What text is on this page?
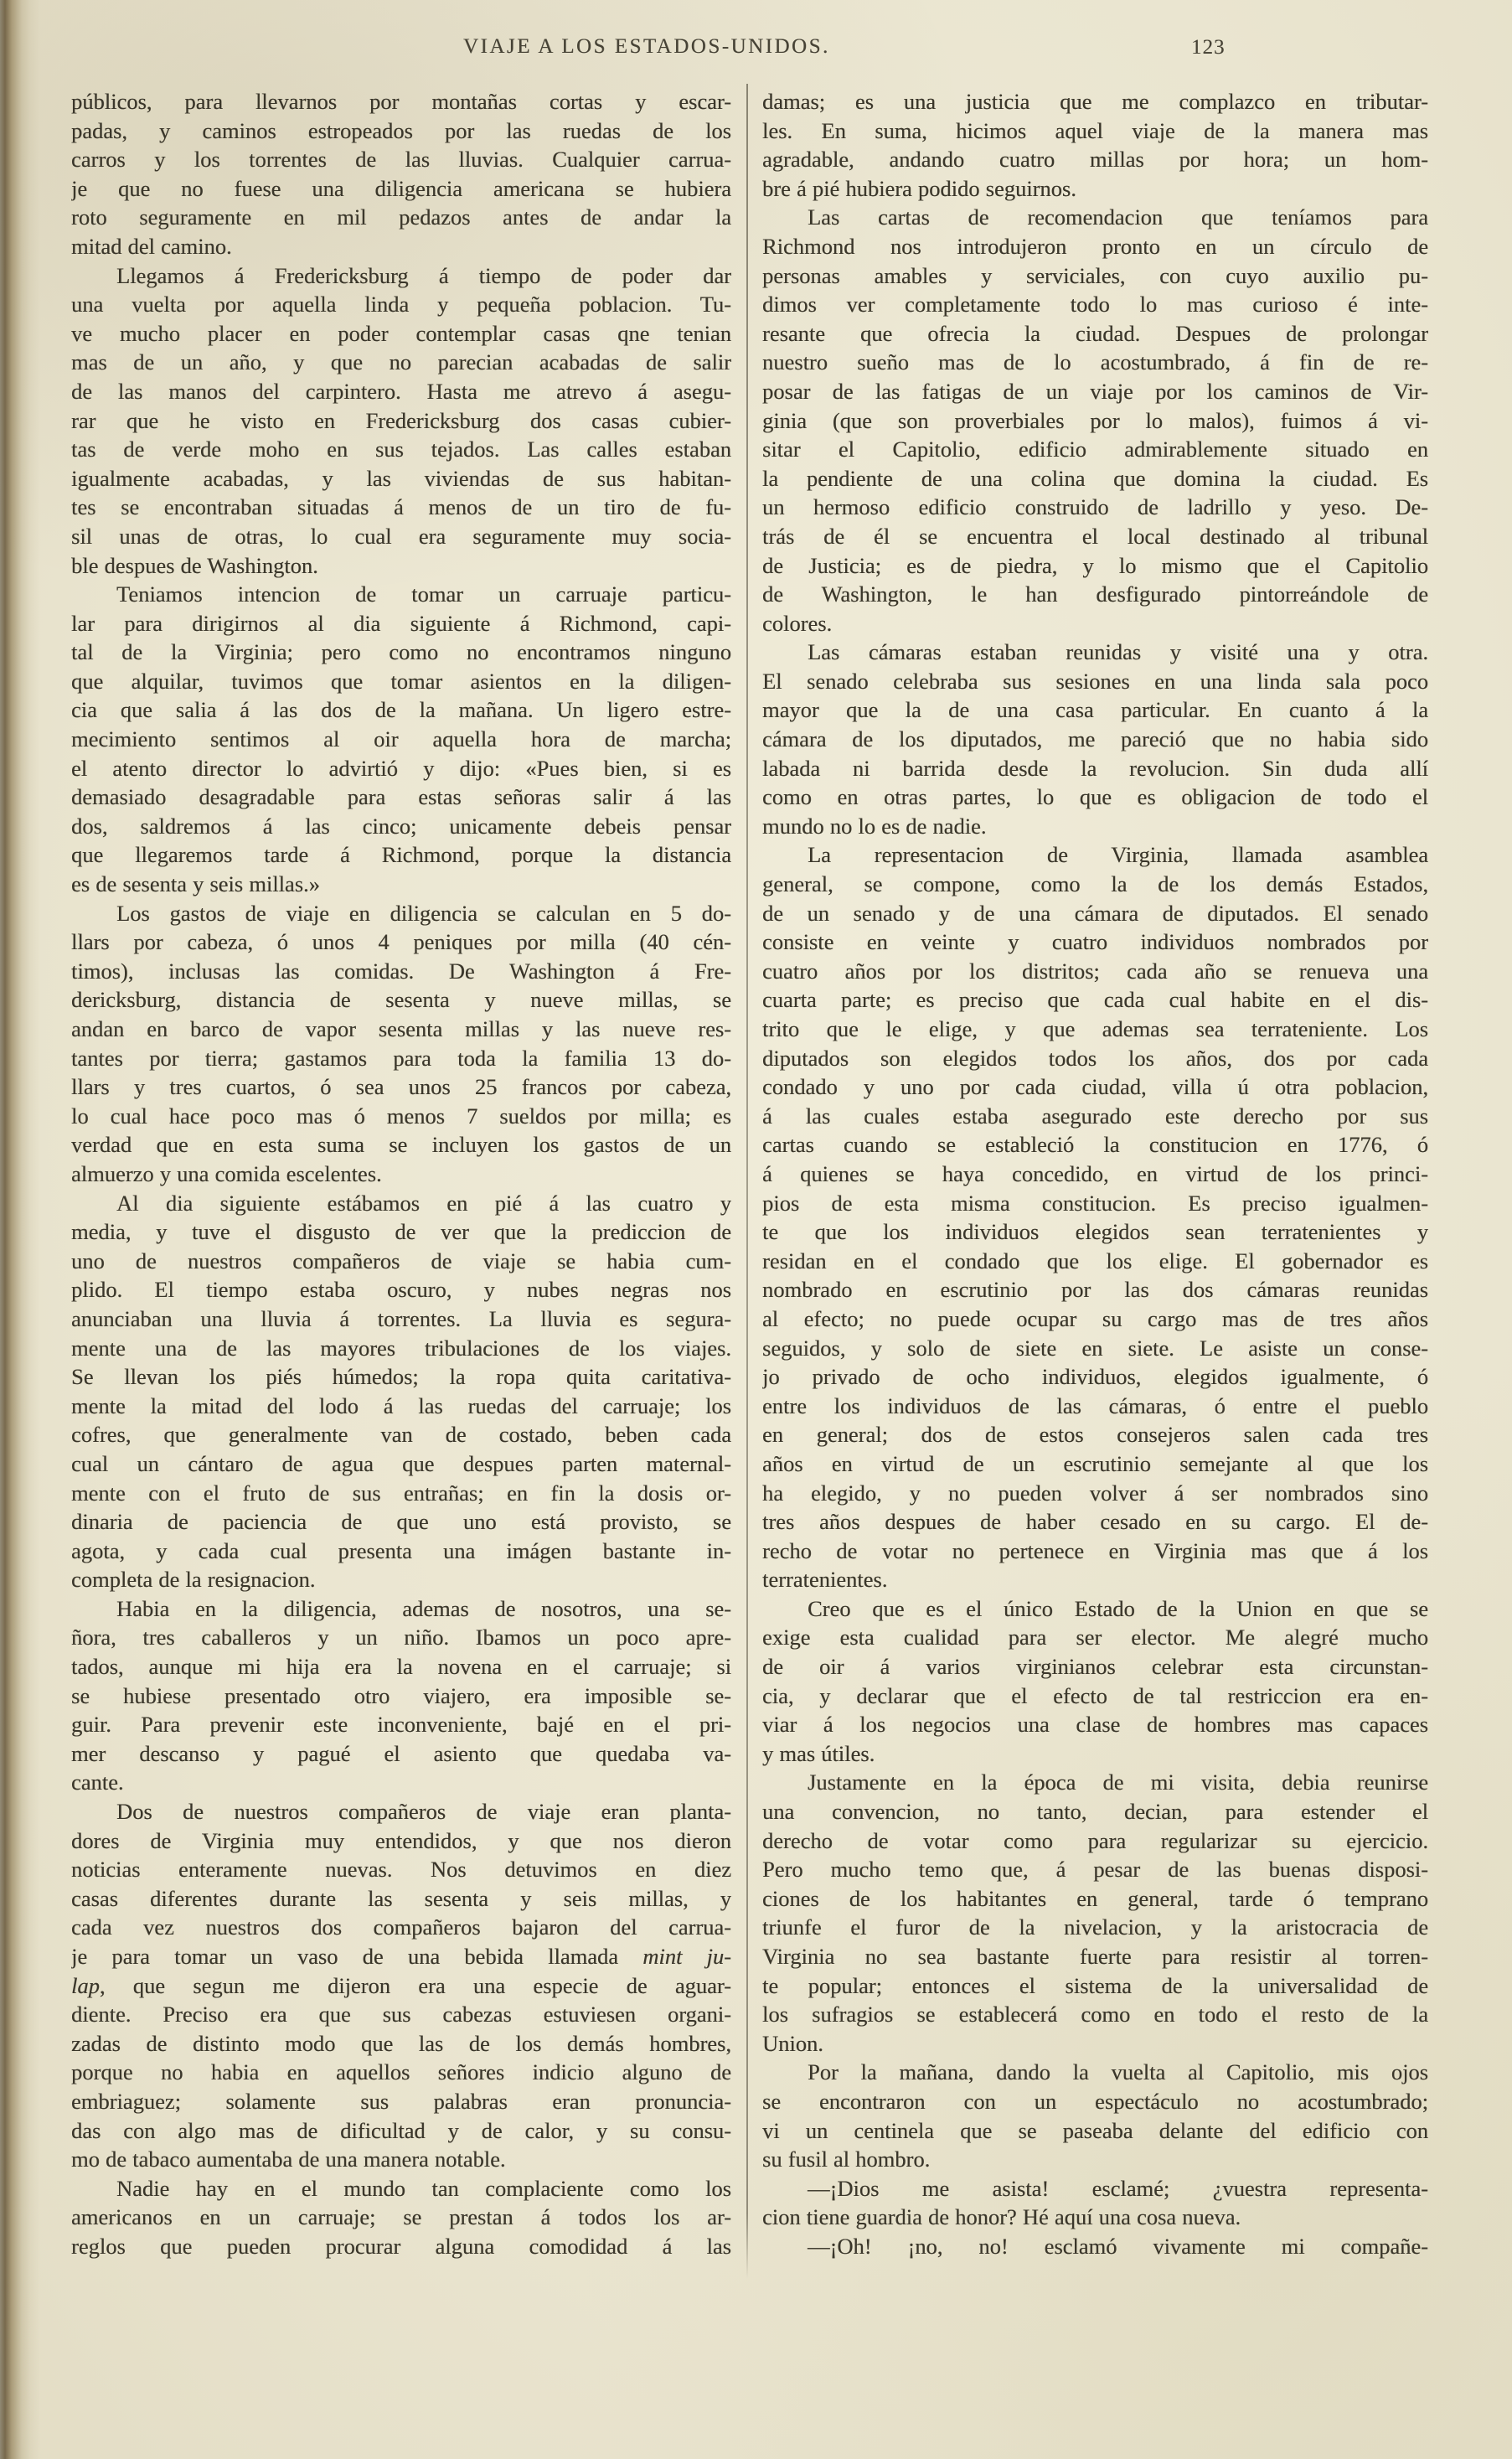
VIAJE A LOS ESTADOS-UNIDOS.	123
públicos, para llevarnos por montañas cortas y escar-
padas, y caminos estropeados por las ruedas de los
carros y los torrentes de las lluvias. Cualquier carrua-
je que no fuese una diligencia americana se hubiera
roto seguramente en mil pedazos antes de andar la
mitad del camino.
Llegamos á Fredericksburg á tiempo de poder dar
una vuelta por aquella linda y pequeña poblacion. Tu-
ve mucho placer en poder contemplar casas qne tenian
mas de un año, y que no parecian acabadas de salir
de las manos del carpintero. Hasta me atrevo á asegu-
rar que he visto en Fredericksburg dos casas cubier-
tas de verde moho en sus tejados. Las calles estaban
igualmente acabadas, y las viviendas de sus habitan-
tes se encontraban situadas á menos de un tiro de fu-
sil unas de otras, lo cual era seguramente muy socia-
ble despues de Washington.
Teniamos intencion de tomar un carruaje particu-
lar para dirigirnos al dia siguiente á Richmond, capi-
tal de la Virginia; pero como no encontramos ninguno
que alquilar, tuvimos que tomar asientos en la diligen-
cia que salia á las dos de la mañana. Un ligero estre-
mecimiento sentimos al oir aquella hora de marcha;
el atento director lo advirtió y dijo: «Pues bien, si es
demasiado desagradable para estas señoras salir á las
dos, saldremos á las cinco; unicamente debeis pensar
que llegaremos tarde á Richmond, porque la distancia
es de sesenta y seis millas.»
Los gastos de viaje en diligencia se calculan en 5 do-
llars por cabeza, ó unos 4 peniques por milla (40 cén-
timos), inclusas las comidas. De Washington á Fre-
dericksburg, distancia de sesenta y nueve millas, se
andan en barco de vapor sesenta millas y las nueve res-
tantes por tierra; gastamos para toda la familia 13 do-
llars y tres cuartos, ó sea unos 25 francos por cabeza,
lo cual hace poco mas ó menos 7 sueldos por milla; es
verdad que en esta suma se incluyen los gastos de un
almuerzo y una comida escelentes.
Al dia siguiente estábamos en pié á las cuatro y
media, y tuve el disgusto de ver que la prediccion de
uno de nuestros compañeros de viaje se habia cum-
plido. El tiempo estaba oscuro, y nubes negras nos
anunciaban una lluvia á torrentes. La lluvia es segura-
mente una de las mayores tribulaciones de los viajes.
Se llevan los piés húmedos; la ropa quita caritativa-
mente la mitad del lodo á las ruedas del carruaje; los
cofres, que generalmente van de costado, beben cada
cual un cántaro de agua que despues parten maternal-
mente con el fruto de sus entrañas; en fin la dosis or-
dinaria de paciencia de que uno está provisto, se
agota, y cada cual presenta una imágen bastante in-
completa de la resignacion.
Habia en la diligencia, ademas de nosotros, una se-
ñora, tres caballeros y un niño. Ibamos un poco apre-
tados, aunque mi hija era la novena en el carruaje; si
se hubiese presentado otro viajero, era imposible se-
guir. Para prevenir este inconveniente, bajé en el pri-
mer descanso y pagué el asiento que quedaba va-
cante.
Dos de nuestros compañeros de viaje eran planta-
dores de Virginia muy entendidos, y que nos dieron
noticias enteramente nuevas. Nos detuvimos en diez
casas diferentes durante las sesenta y seis millas, y
cada vez nuestros dos compañeros bajaron del carrua-
je para tomar un vaso de una bebida llamada mint ju-
lap, que segun me dijeron era una especie de aguar-
diente. Preciso era que sus cabezas estuviesen organi-
zadas de distinto modo que las de los demás hombres,
porque no habia en aquellos señores indicio alguno de
embriaguez; solamente sus palabras eran pronuncia-
das con algo mas de dificultad y de calor, y su consu-
mo de tabaco aumentaba de una manera notable.
Nadie hay en el mundo tan complaciente como los
americanos en un carruaje; se prestan á todos los ar-
reglos que pueden procurar alguna comodidad á las
damas; es una justicia que me complazco en tributar-
les. En suma, hicimos aquel viaje de la manera mas
agradable, andando cuatro millas por hora; un hom-
bre á pié hubiera podido seguirnos.
Las cartas de recomendacion que teníamos para
Richmond nos introdujeron pronto en un círculo de
personas amables y serviciales, con cuyo auxilio pu-
dimos ver completamente todo lo mas curioso é inte-
resante que ofrecia la ciudad. Despues de prolongar
nuestro sueño mas de lo acostumbrado, á fin de re-
posar de las fatigas de un viaje por los caminos de Vir-
ginia (que son proverbiales por lo malos), fuimos á vi-
sitar el Capitolio, edificio admirablemente situado en
la pendiente de una colina que domina la ciudad. Es
un hermoso edificio construido de ladrillo y yeso. De-
trás de él se encuentra el local destinado al tribunal
de Justicia; es de piedra, y lo mismo que el Capitolio
de Washington, le han desfigurado pintorreándole de
colores.
Las cámaras estaban reunidas y visité una y otra.
El senado celebraba sus sesiones en una linda sala poco
mayor que la de una casa particular. En cuanto á la
cámara de los diputados, me pareció que no habia sido
labada ni barrida desde la revolucion. Sin duda allí
como en otras partes, lo que es obligacion de todo el
mundo no lo es de nadie.
La representacion de Virginia, llamada asamblea
general, se compone, como la de los demás Estados,
de un senado y de una cámara de diputados. El senado
consiste en veinte y cuatro individuos nombrados por
cuatro años por los distritos; cada año se renueva una
cuarta parte; es preciso que cada cual habite en el dis-
trito que le elige, y que ademas sea terrateniente. Los
diputados son elegidos todos los años, dos por cada
condado y uno por cada ciudad, villa ú otra poblacion,
á las cuales estaba asegurado este derecho por sus
cartas cuando se estableció la constitucion en 1776, ó
á quienes se haya concedido, en virtud de los princi-
pios de esta misma constitucion. Es preciso igualmen-
te que los individuos elegidos sean terratenientes y
residan en el condado que los elige. El gobernador es
nombrado en escrutinio por las dos cámaras reunidas
al efecto; no puede ocupar su cargo mas de tres años
seguidos, y solo de siete en siete. Le asiste un conse-
jo privado de ocho individuos, elegidos igualmente, ó
entre los individuos de las cámaras, ó entre el pueblo
en general; dos de estos consejeros salen cada tres
años en virtud de un escrutinio semejante al que los
ha elegido, y no pueden volver á ser nombrados sino
tres años despues de haber cesado en su cargo. El de-
recho de votar no pertenece en Virginia mas que á los
terratenientes.
Creo que es el único Estado de la Union en que se
exige esta cualidad para ser elector. Me alegré mucho
de oir á varios virginianos celebrar esta circunstan-
cia, y declarar que el efecto de tal restriccion era en-
viar á los negocios una clase de hombres mas capaces
y mas útiles.
Justamente en la época de mi visita, debia reunirse
una convencion, no tanto, decian, para estender el
derecho de votar como para regularizar su ejercicio.
Pero mucho temo que, á pesar de las buenas disposi-
ciones de los habitantes en general, tarde ó temprano
triunfe el furor de la nivelacion, y la aristocracia de
Virginia no sea bastante fuerte para resistir al torren-
te popular; entonces el sistema de la universalidad de
los sufragios se establecerá como en todo el resto de la
Union.
Por la mañana, dando la vuelta al Capitolio, mis ojos
se encontraron con un espectáculo no acostumbrado;
vi un centinela que se paseaba delante del edificio con
su fusil al hombro.
—¡Dios me asista! esclamé; ¿vuestra representa-
cion tiene guardia de honor? Hé aquí una cosa nueva.
—¡Oh! ¡no, no! esclamó vivamente mi compañe-
